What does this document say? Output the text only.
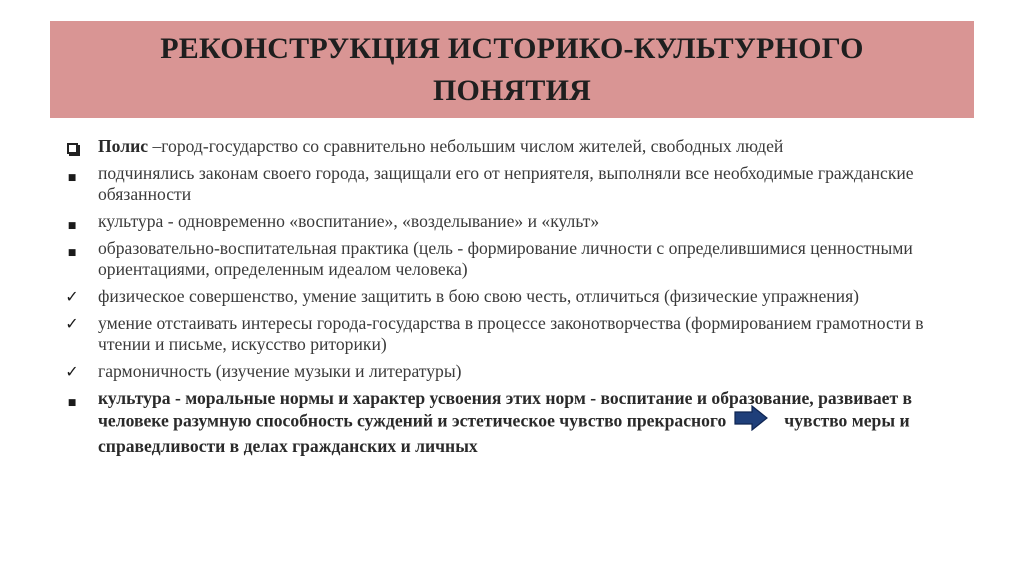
РЕКОНСТРУКЦИЯ ИСТОРИКО-КУЛЬТУРНОГО
ПОНЯТИЯ
Полис –город-государство со сравнительно небольшим числом жителей, свободных людей
■	подчинялись законам своего города, защищали его от неприятеля, выполняли все необходимые гражданские обязанности
■	культура - одновременно «воспитание», «возделывание» и «культ»
■	образовательно-воспитательная практика (цель - формирование личности с определившимися ценностными ориентациями, определенным идеалом человека)
✓	физическое совершенство, умение защитить в бою свою честь, отличиться (физические упражнения)
✓	умение отстаивать интересы города-государства в процессе законотворчества (формированием грамотности в чтении и письме, искусство риторики)
✓	гармоничность (изучение музыки и литературы)
■	культура - моральные нормы и характер усвоения этих норм - воспитание и образование, развивает в человеке разумную способность суждений и эстетическое чувство прекрасного	чувство меры и справедливости в делах гражданских и личных
